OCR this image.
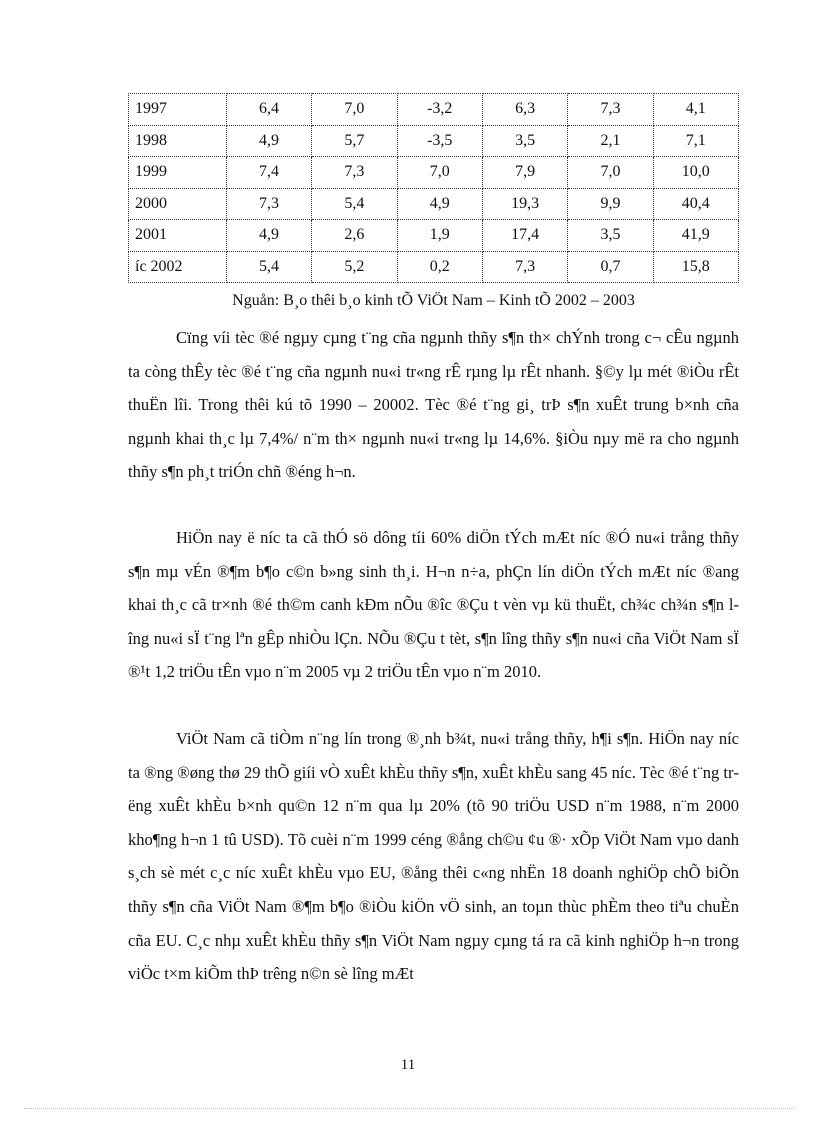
1997	6,4	7,0	-3,2	6,3	7,3	4,1
1998	4,9	5,7	-3,5	3,5	2,1	7,1
1999	7,4	7,3	7,0	7,9	7,0	10,0
2000	7,3	5,4	4,9	19,3	9,9	40,4
2001	4,9	2,6	1,9	17,4	3,5	41,9
íc 2002	5,4	5,2	0,2	7,3	0,7	15,8
Nguån: B¸o thêi b¸o kinh tÕ ViÖt Nam – Kinh tÕ 2002 – 2003

Cïng víi tèc ®é ngµy cµng t¨ng cña ngµnh thñy s¶n th× chÝnh trong c¬ cÊu ngµnh ta còng thÊy tèc ®é t¨ng cña ngµnh nu«i tr«ng rÊ rµng lµ rÊt nhanh. §©y lµ mét ®iÒu rÊt thuËn lîi. Trong thêi kú tõ 1990 – 20002. Tèc ®é t¨ng gi¸ trÞ s¶n xuÊt trung b×nh cña ngµnh khai th¸c lµ 7,4%/ n¨m th× ngµnh nu«i tr«ng lµ 14,6%. §iÒu nµy më ra cho ngµnh thñy s¶n ph¸t triÓn chñ ®éng h¬n.

HiÖn nay ë níc ta cã thÓ sö dông tíi 60% diÖn tÝch mÆt níc ®Ó nu«i trång thñy s¶n mµ vÉn ®¶m b¶o c©n b»ng sinh th¸i. H¬n n÷a, phÇn lín diÖn tÝch mÆt níc ®ang khai th¸c cã tr×nh ®é th©m canh kÐm nÕu ®îc ®Çu t vèn vµ kü thuËt, ch¾c ch¾n s¶n lîng nu«i sÏ t¨ng lªn gÊp nhiÒu lÇn. NÕu ®Çu t tèt, s¶n lîng thñy s¶n nu«i cña ViÖt Nam sÏ ®¹t 1,2 triÖu tÊn vµo n¨m 2005 vµ 2 triÖu tÊn vµo n¨m 2010.

ViÖt Nam cã tiÒm n¨ng lín trong ®¸nh b¾t, nu«i trång thñy, h¶i s¶n. HiÖn nay níc ta ®ng ®øng thø 29 thÕ giíi vÒ xuÊt khÈu thñy s¶n, xuÊt khÈu sang 45 níc. Tèc ®é t¨ng trëng xuÊt khÈu b×nh qu©n 12 n¨m qua lµ 20% (tõ 90 triÖu USD n¨m 1988, n¨m 2000 kho¶ng h¬n 1 tû USD). Tõ cuèi n¨m 1999 céng ®ång ch©u ¢u ®· xÕp ViÖt Nam vµo danh s¸ch sè mét c¸c níc xuÊt khÈu vµo EU, ®ång thêi c«ng nhËn 18 doanh nghiÖp chÕ biÕn thñy s¶n cña ViÖt Nam ®¶m b¶o ®iÒu kiÖn vÖ sinh, an toµn thùc phÈm theo tiªu chuÈn cña EU. C¸c nhµ xuÊt khÈu thñy s¶n ViÖt Nam ngµy cµng tá ra cã kinh nghiÖp h¬n trong viÖc t×m kiÕm thÞ trêng n©n sè lîng mÆt

11
